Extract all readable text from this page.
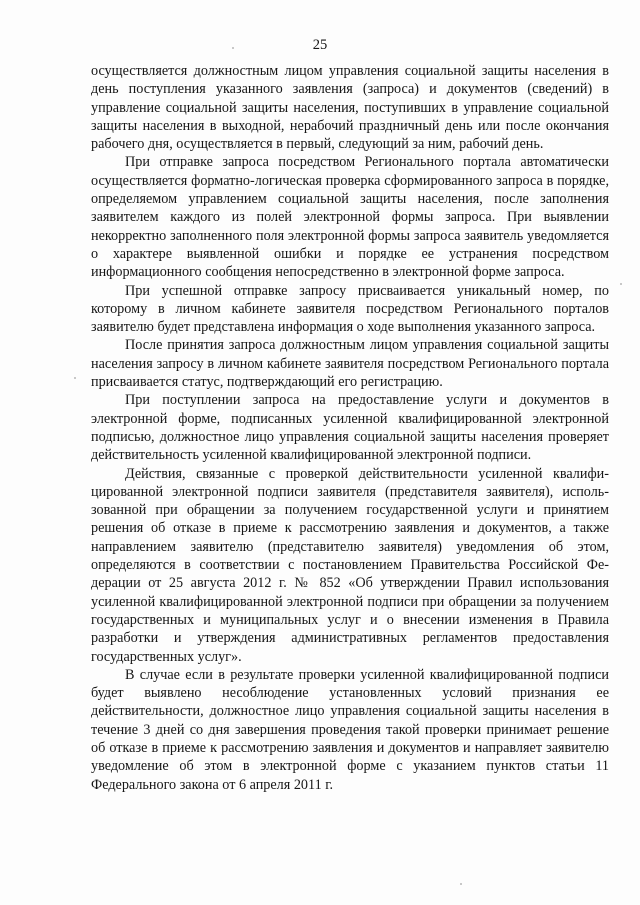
25

осуществляется должностным лицом управления социальной защиты населения в день поступления указанного заявления (запроса) и документов (сведений) в управление социальной защиты населения, поступивших в управление социальной защиты населения в выходной, нерабочий праздничный день или после окончания рабочего дня, осуществляется в первый, следующий за ним, рабочий день.

При отправке запроса посредством Регионального портала автоматически осуществляется форматно-логическая проверка сформированного запроса в порядке, определяемом управлением социальной защиты населения, после заполнения заявителем каждого из полей электронной формы запроса. При выявлении некорректно заполненного поля электронной формы запроса заявитель уведомляется о характере выявленной ошибки и порядке ее устранения посредством информационного сообщения непосредственно в электронной форме запроса.

При успешной отправке запросу присваивается уникальный номер, по которому в личном кабинете заявителя посредством Регионального порталов заявителю будет представлена информация о ходе выполнения указанного запроса.

После принятия запроса должностным лицом управления социальной защиты населения запросу в личном кабинете заявителя посредством Регионального портала присваивается статус, подтверждающий его регистрацию.

При поступлении запроса на предоставление услуги и документов в электронной форме, подписанных усиленной квалифицированной электронной подписью, должностное лицо управления социальной защиты населения проверяет действительность усиленной квалифицированной электронной подписи.

Действия, связанные с проверкой действительности усиленной квалифицированной электронной подписи заявителя (представителя заявителя), использованной при обращении за получением государственной услуги и принятием решения об отказе в приеме к рассмотрению заявления и документов, а также направлением заявителю (представителю заявителя) уведомления об этом, определяются в соответствии с постановлением Правительства Российской Федерации от 25 августа 2012 г. № 852 «Об утверждении Правил использования усиленной квалифицированной электронной подписи при обращении за получением государственных и муниципальных услуг и о внесении изменения в Правила разработки и утверждения административных регламентов предоставления государственных услуг».

В случае если в результате проверки усиленной квалифицированной подписи будет выявлено несоблюдение установленных условий признания ее действительности, должностное лицо управления социальной защиты населения в течение 3 дней со дня завершения проведения такой проверки принимает решение об отказе в приеме к рассмотрению заявления и документов и направляет заявителю уведомление об этом в электронной форме с указанием пунктов статьи 11 Федерального закона от 6 апреля 2011 г.
